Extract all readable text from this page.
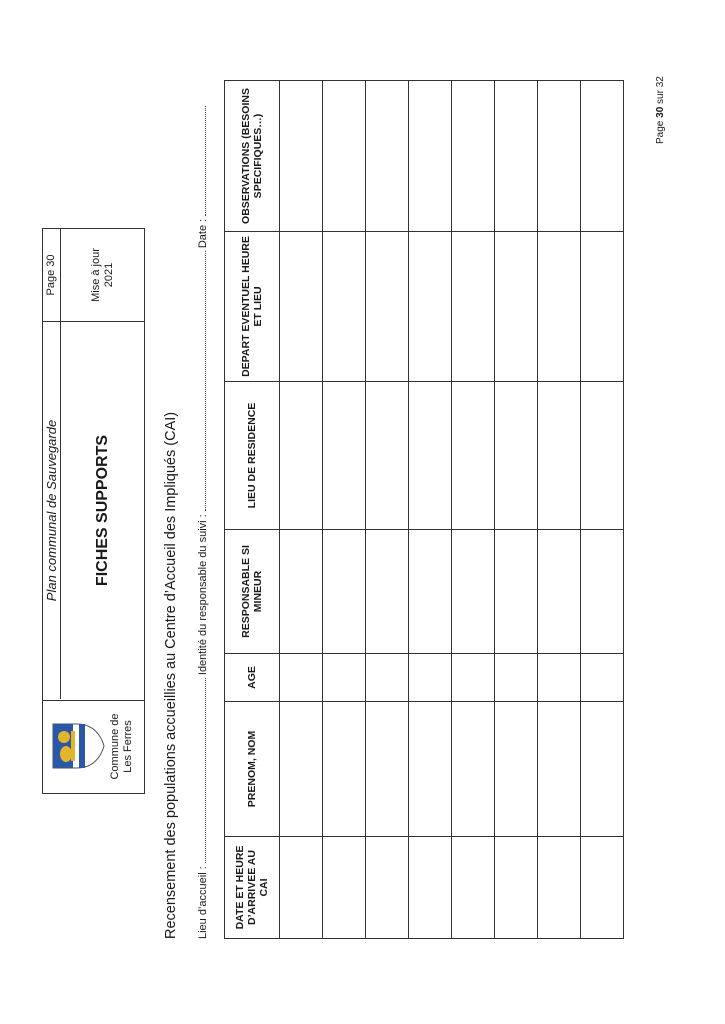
Commune de Les Ferres
Plan communal de Sauvegarde	FICHES SUPPORTS
Page 30	Mise à jour 2021
Recensement des populations accueillies au Centre d’Accueil des Impliqués (CAI) Lieu d’accueil :  Identité du responsable du suivi :  Date :
DATE ET HEURE D’ARRIVEE AU CAI	PRENOM, NOM	AGE	RESPONSABLE SI MINEUR	LIEU DE RESIDENCE	DEPART EVENTUEL HEURE ET LIEU	OBSERVATIONS (BESOINS SPECIFIQUES…)

							Page 30 sur 32
